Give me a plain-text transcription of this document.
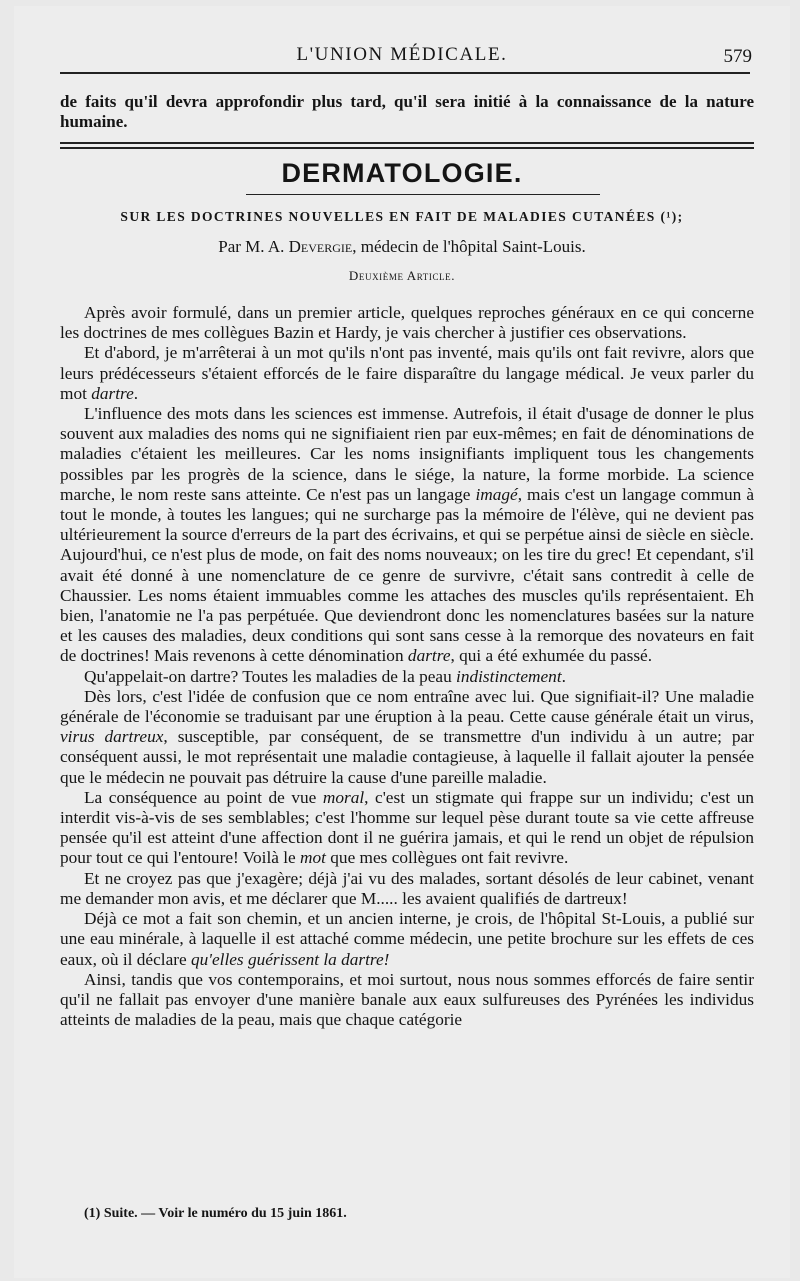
L'UNION MÉDICALE.	579
de faits qu'il devra approfondir plus tard, qu'il sera initié à la connaissance de la nature humaine.
DERMATOLOGIE.
SUR LES DOCTRINES NOUVELLES EN FAIT DE MALADIES CUTANÉES (¹);
Par M. A. Devergie, médecin de l'hôpital Saint-Louis.
Deuxième Article.

Après avoir formulé, dans un premier article, quelques reproches généraux en ce qui concerne les doctrines de mes collègues Bazin et Hardy, je vais chercher à justifier ces observations.

Et d'abord, je m'arrêterai à un mot qu'ils n'ont pas inventé, mais qu'ils ont fait revivre, alors que leurs prédécesseurs s'étaient efforcés de le faire disparaître du langage médical. Je veux parler du mot dartre.

L'influence des mots dans les sciences est immense. Autrefois, il était d'usage de donner le plus souvent aux maladies des noms qui ne signifiaient rien par eux-mêmes; en fait de dénominations de maladies c'étaient les meilleures. Car les noms insignifiants impliquent tous les changements possibles par les progrès de la science, dans le siége, la nature, la forme morbide. La science marche, le nom reste sans atteinte. Ce n'est pas un langage imagé, mais c'est un langage commun à tout le monde, à toutes les langues; qui ne surcharge pas la mémoire de l'élève, qui ne devient pas ultérieurement la source d'erreurs de la part des écrivains, et qui se perpétue ainsi de siècle en siècle. Aujourd'hui, ce n'est plus de mode, on fait des noms nouveaux; on les tire du grec! Et cependant, s'il avait été donné à une nomenclature de ce genre de survivre, c'était sans contredit à celle de Chaussier. Les noms étaient immuables comme les attaches des muscles qu'ils représentaient. Eh bien, l'anatomie ne l'a pas perpétuée. Que deviendront donc les nomenclatures basées sur la nature et les causes des maladies, deux conditions qui sont sans cesse à la remorque des novateurs en fait de doctrines! Mais revenons à cette dénomination dartre, qui a été exhumée du passé.

Qu'appelait-on dartre? Toutes les maladies de la peau indistinctement.

Dès lors, c'est l'idée de confusion que ce nom entraîne avec lui. Que signifiait-il? Une maladie générale de l'économie se traduisant par une éruption à la peau. Cette cause générale était un virus, virus dartreux, susceptible, par conséquent, de se transmettre d'un individu à un autre; par conséquent aussi, le mot représentait une maladie contagieuse, à laquelle il fallait ajouter la pensée que le médecin ne pouvait pas détruire la cause d'une pareille maladie.

La conséquence au point de vue moral, c'est un stigmate qui frappe sur un individu; c'est un interdit vis-à-vis de ses semblables; c'est l'homme sur lequel pèse durant toute sa vie cette affreuse pensée qu'il est atteint d'une affection dont il ne guérira jamais, et qui le rend un objet de répulsion pour tout ce qui l'entoure! Voilà le mot que mes collègues ont fait revivre.

Et ne croyez pas que j'exagère; déjà j'ai vu des malades, sortant désolés de leur cabinet, venant me demander mon avis, et me déclarer que M..... les avaient qualifiés de dartreux!

Déjà ce mot a fait son chemin, et un ancien interne, je crois, de l'hôpital St-Louis, a publié sur une eau minérale, à laquelle il est attaché comme médecin, une petite brochure sur les effets de ces eaux, où il déclare qu'elles guérissent la dartre!

Ainsi, tandis que vos contemporains, et moi surtout, nous nous sommes efforcés de faire sentir qu'il ne fallait pas envoyer d'une manière banale aux eaux sulfureuses des Pyrénées les individus atteints de maladies de la peau, mais que chaque catégorie

(1) Suite. — Voir le numéro du 15 juin 1861.
